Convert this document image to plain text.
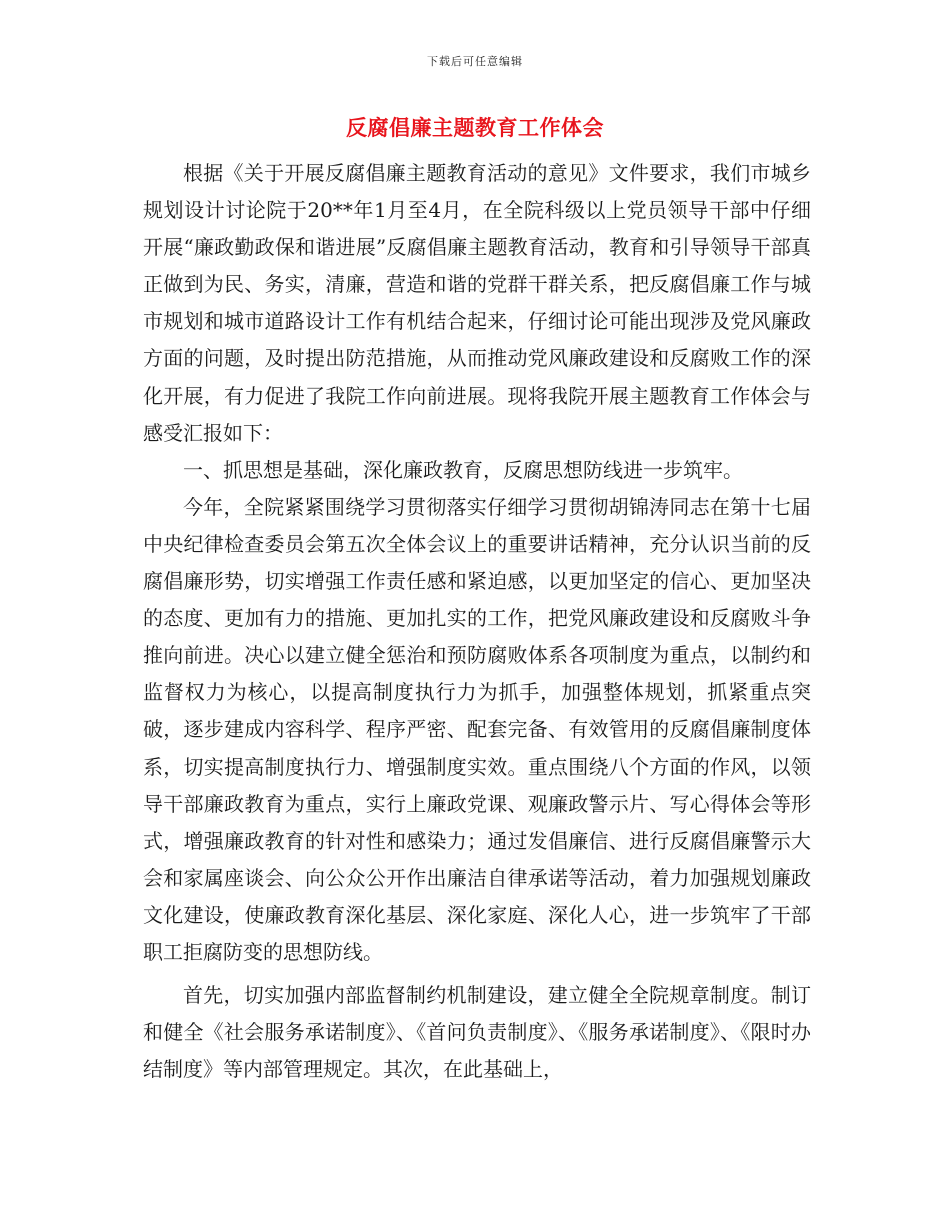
下载后可任意编辑
反腐倡廉主题教育工作体会

根据《关于开展反腐倡廉主题教育活动的意见》文件要求，我们市城乡规划设计讨论院于20**年1月至4月，在全院科级以上党员领导干部中仔细开展“廉政勤政保和谐进展”反腐倡廉主题教育活动，教育和引导领导干部真正做到为民、务实，清廉，营造和谐的党群干群关系，把反腐倡廉工作与城市规划和城市道路设计工作有机结合起来，仔细讨论可能出现涉及党风廉政方面的问题，及时提出防范措施，从而推动党风廉政建设和反腐败工作的深化开展，有力促进了我院工作向前进展。现将我院开展主题教育工作体会与感受汇报如下：

一、抓思想是基础，深化廉政教育，反腐思想防线进一步筑牢。

今年，全院紧紧围绕学习贯彻落实仔细学习贯彻胡锦涛同志在第十七届中央纪律检查委员会第五次全体会议上的重要讲话精神，充分认识当前的反腐倡廉形势，切实增强工作责任感和紧迫感，以更加坚定的信心、更加坚决的态度、更加有力的措施、更加扎实的工作，把党风廉政建设和反腐败斗争推向前进。决心以建立健全惩治和预防腐败体系各项制度为重点，以制约和监督权力为核心，以提高制度执行力为抓手，加强整体规划，抓紧重点突破，逐步建成内容科学、程序严密、配套完备、有效管用的反腐倡廉制度体系，切实提高制度执行力、增强制度实效。重点围绕八个方面的作风，以领导干部廉政教育为重点，实行上廉政党课、观廉政警示片、写心得体会等形式，增强廉政教育的针对性和感染力；通过发倡廉信、进行反腐倡廉警示大会和家属座谈会、向公众公开作出廉洁自律承诺等活动，着力加强规划廉政文化建设，使廉政教育深化基层、深化家庭、深化人心，进一步筑牢了干部职工拒腐防变的思想防线。

首先，切实加强内部监督制约机制建设，建立健全全院规章制度。制订和健全《社会服务承诺制度》、《首问负责制度》、《服务承诺制度》、《限时办结制度》等内部管理规定。其次，在此基础上，
